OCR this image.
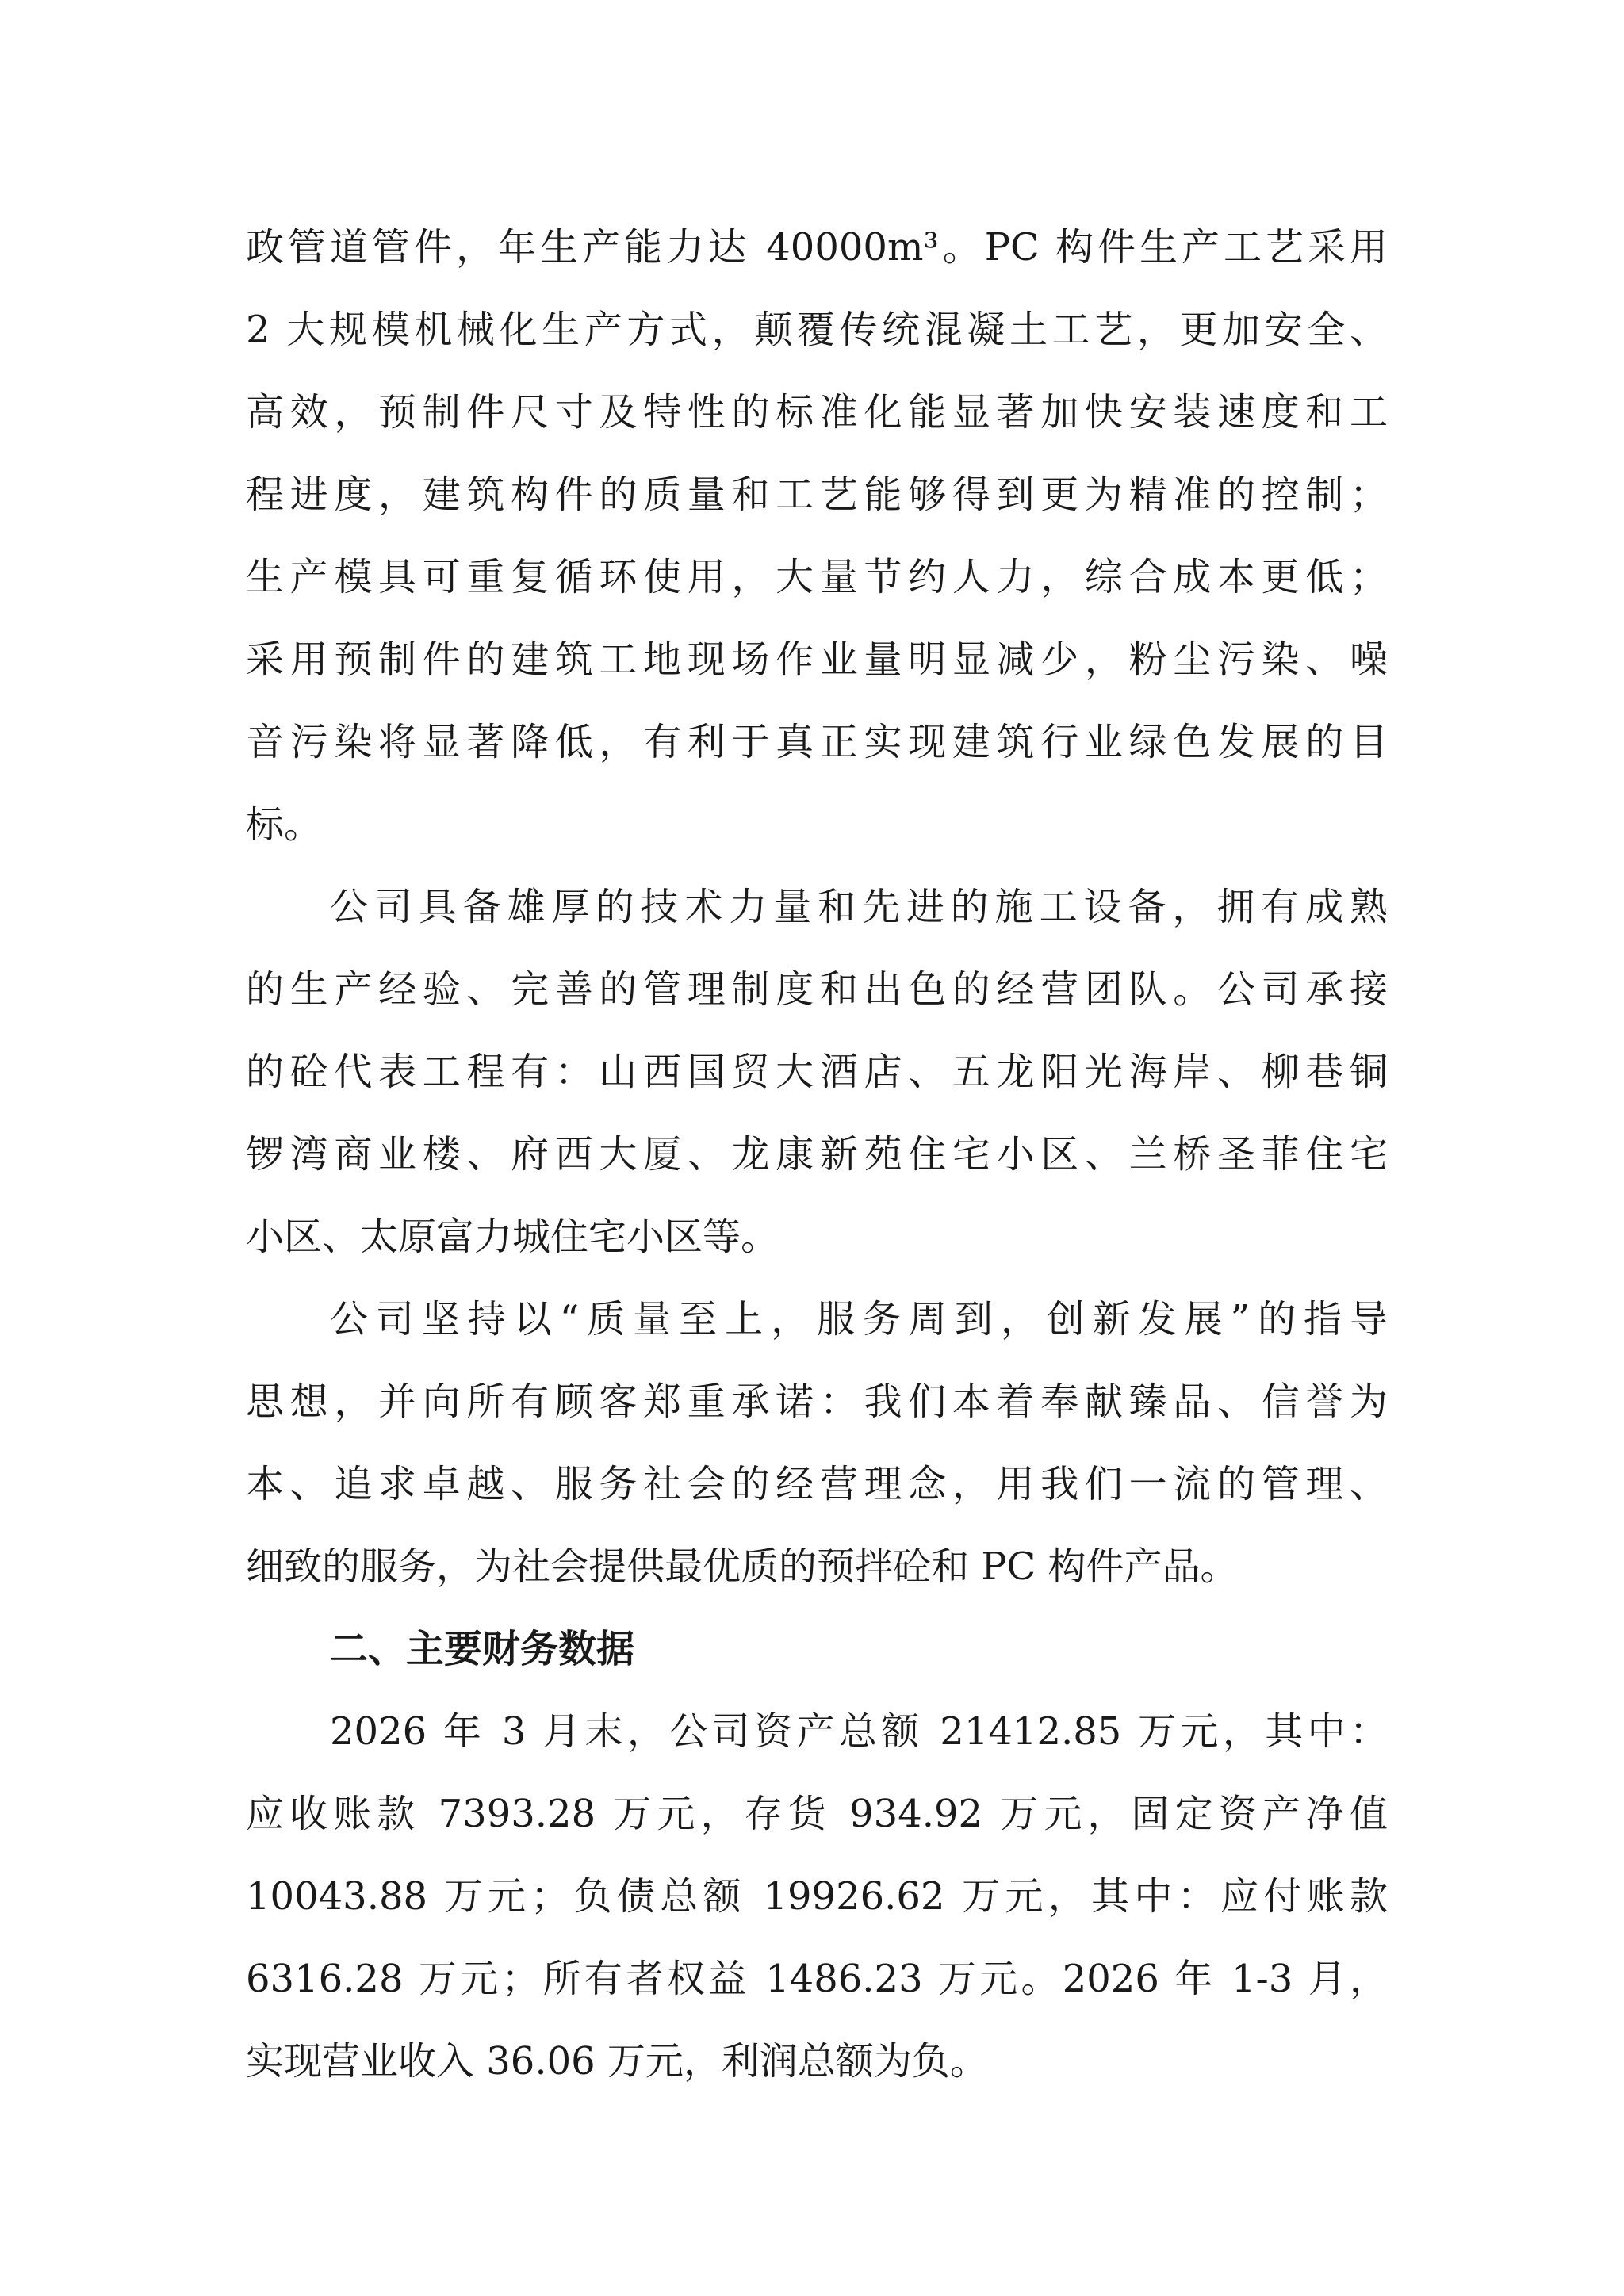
政管道管件，年生产能力达 40000m³。PC 构件生产工艺采用
2 大规模机械化生产方式，颠覆传统混凝土工艺，更加安全、
高效，预制件尺寸及特性的标准化能显著加快安装速度和工
程进度，建筑构件的质量和工艺能够得到更为精准的控制；
生产模具可重复循环使用，大量节约人力，综合成本更低；
采用预制件的建筑工地现场作业量明显减少，粉尘污染、噪
音污染将显著降低，有利于真正实现建筑行业绿色发展的目
标。
公司具备雄厚的技术力量和先进的施工设备，拥有成熟
的生产经验、完善的管理制度和出色的经营团队。公司承接
的砼代表工程有：山西国贸大酒店、五龙阳光海岸、柳巷铜
锣湾商业楼、府西大厦、龙康新苑住宅小区、兰桥圣菲住宅
小区、太原富力城住宅小区等。
公司坚持以“质量至上，服务周到，创新发展”的指导
思想，并向所有顾客郑重承诺：我们本着奉献臻品、信誉为
本、追求卓越、服务社会的经营理念，用我们一流的管理、
细致的服务，为社会提供最优质的预拌砼和 PC 构件产品。
二、主要财务数据
2026 年 3 月末，公司资产总额 21412.85 万元，其中：
应收账款 7393.28 万元，存货 934.92 万元，固定资产净值
10043.88 万元；负债总额 19926.62 万元，其中：应付账款
6316.28 万元；所有者权益 1486.23 万元。2026 年 1-3 月，
实现营业收入 36.06 万元，利润总额为负。
